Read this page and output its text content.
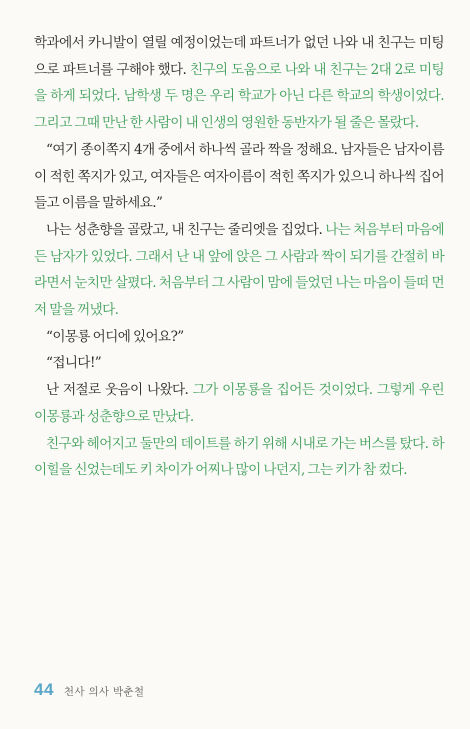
학과에서 카니발이 열릴 예정이었는데 파트너가 없던 나와 내 친구는 미팅으로 파트너를 구해야 했다. 친구의 도움으로 나와 내 친구는 2대 2로 미팅을 하게 되었다. 남학생 두 명은 우리 학교가 아닌 다른 학교의 학생이었다. 그리고 그때 만난 한 사람이 내 인생의 영원한 동반자가 될 줄은 몰랐다.

“여기 종이쪽지 4개 중에서 하나씩 골라 짝을 정해요. 남자들은 남자이름이 적힌 쪽지가 있고, 여자들은 여자이름이 적힌 쪽지가 있으니 하나씩 집어 들고 이름을 말하세요.”

나는 성춘향을 골랐고, 내 친구는 줄리엣을 집었다. 나는 처음부터 마음에 든 남자가 있었다. 그래서 난 내 앞에 앉은 그 사람과 짝이 되기를 간절히 바라면서 눈치만 살폈다. 처음부터 그 사람이 맘에 들었던 나는 마음이 들떠 먼저 말을 꺼냈다.

“이몽룡 어디에 있어요?”

“접니다!”

난 저절로 웃음이 나왔다. 그가 이몽룡을 집어든 것이었다. 그렇게 우린 이몽룡과 성춘향으로 만났다.

친구와 헤어지고 둘만의 데이트를 하기 위해 시내로 가는 버스를 탔다. 하이힐을 신었는데도 키 차이가 어찌나 많이 나던지, 그는 키가 참 컸다.

44 천사 의사 박춘철
